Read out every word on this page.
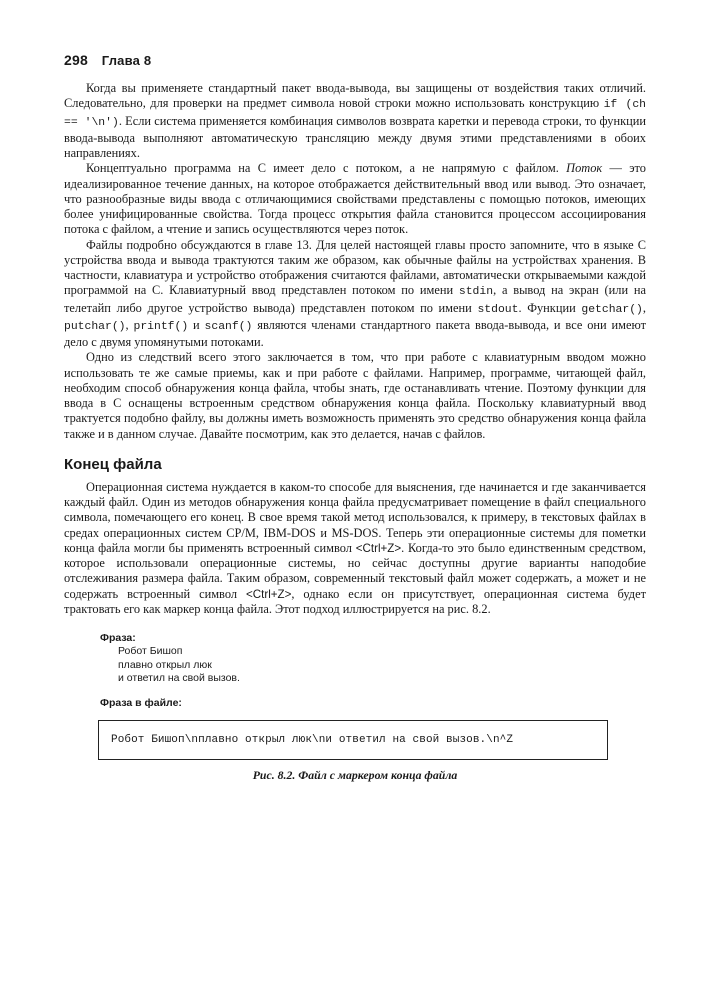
298 Глава 8

Когда вы применяете стандартный пакет ввода-вывода, вы защищены от воздействия таких отличий. Следовательно, для проверки на предмет символа новой строки можно использовать конструкцию if (ch == '\n'). Если система применяется комбинация символов возврата каретки и перевода строки, то функции ввода-вывода выполняют автоматическую трансляцию между двумя этими представлениями в обоих направлениях.

Концептуально программа на С имеет дело с потоком, а не напрямую с файлом. Поток — это идеализированное течение данных, на которое отображается действительный ввод или вывод. Это означает, что разнообразные виды ввода с отличающимися свойствами представлены с помощью потоков, имеющих более унифицированные свойства. Тогда процесс открытия файла становится процессом ассоциирования потока с файлом, а чтение и запись осуществляются через поток.

Файлы подробно обсуждаются в главе 13. Для целей настоящей главы просто запомните, что в языке С устройства ввода и вывода трактуются таким же образом, как обычные файлы на устройствах хранения. В частности, клавиатура и устройство отображения считаются файлами, автоматически открываемыми каждой программой на С. Клавиатурный ввод представлен потоком по имени stdin, а вывод на экран (или на телетайп либо другое устройство вывода) представлен потоком по имени stdout. Функции getchar(), putchar(), printf() и scanf() являются членами стандартного пакета ввода-вывода, и все они имеют дело с двумя упомянутыми потоками.

Одно из следствий всего этого заключается в том, что при работе с клавиатурным вводом можно использовать те же самые приемы, как и при работе с файлами. Например, программе, читающей файл, необходим способ обнаружения конца файла, чтобы знать, где останавливать чтение. Поэтому функции для ввода в С оснащены встроенным средством обнаружения конца файла. Поскольку клавиатурный ввод трактуется подобно файлу, вы должны иметь возможность применять это средство обнаружения конца файла также и в данном случае. Давайте посмотрим, как это делается, начав с файлов.

Конец файла

Операционная система нуждается в каком-то способе для выяснения, где начинается и где заканчивается каждый файл. Один из методов обнаружения конца файла предусматривает помещение в файл специального символа, помечающего его конец. В свое время такой метод использовался, к примеру, в текстовых файлах в средах операционных систем CP/M, IBM-DOS и MS-DOS. Теперь эти операционные системы для пометки конца файла могли бы применять встроенный символ <Ctrl+Z>. Когда-то это было единственным средством, которое использовали операционные системы, но сейчас доступны другие варианты наподобие отслеживания размера файла. Таким образом, современный текстовый файл может содержать, а может и не содержать встроенный символ <Ctrl+Z>, однако если он присутствует, операционная система будет трактовать его как маркер конца файла. Этот подход иллюстрируется на рис. 8.2.

Фраза:
Робот Бишоп
плавно открыл люк
и ответил на свой вызов.
Фраза в файле:
Робот Бишоп\nплавно открыл люк\nи ответил на свой вызов.\n^Z
Рис. 8.2. Файл с маркером конца файла
